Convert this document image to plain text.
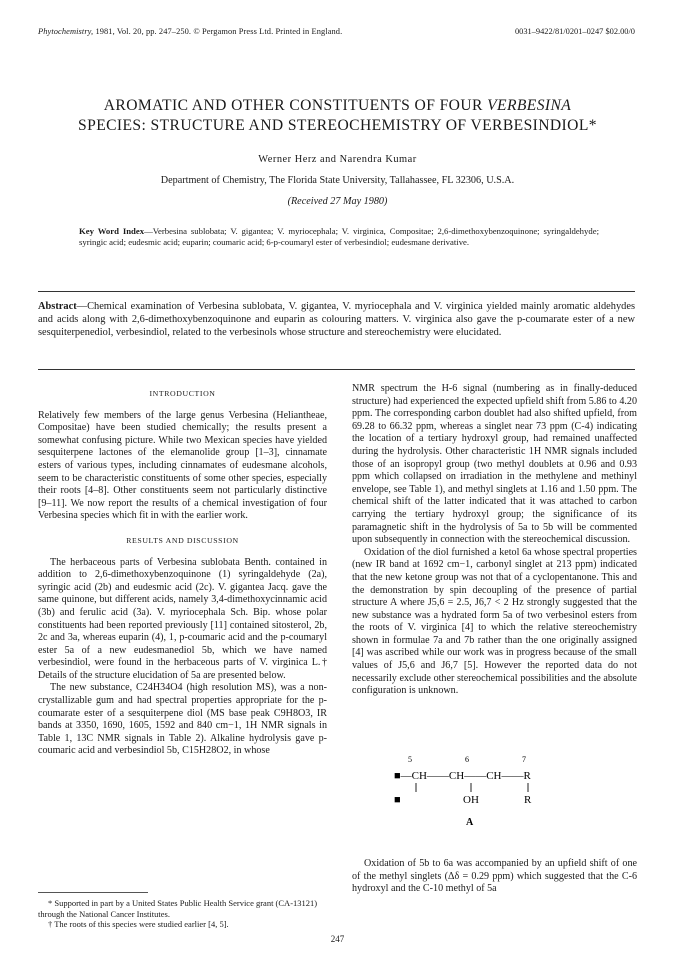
Phytochemistry, 1981, Vol. 20, pp. 247–250. © Pergamon Press Ltd. Printed in England.	0031–9422/81/0201–0247 $02.00/0
AROMATIC AND OTHER CONSTITUENTS OF FOUR VERBESINA
SPECIES: STRUCTURE AND STEREOCHEMISTRY OF VERBESINDIOL*
Werner Herz and Narendra Kumar
Department of Chemistry, The Florida State University, Tallahassee, FL 32306, U.S.A.
(Received 27 May 1980)
Key Word Index—Verbesina sublobata; V. gigantea; V. myriocephala; V. virginica, Compositae; 2,6-dimethoxybenzoquinone; syringaldehyde; syringic acid; eudesmic acid; euparin; coumaric acid; 6-p-coumaryl ester of verbesindiol; eudesmane derivative.
Abstract—Chemical examination of Verbesina sublobata, V. gigantea, V. myriocephala and V. virginica yielded mainly aromatic aldehydes and acids along with 2,6-dimethoxybenzoquinone and euparin as colouring matters. V. virginica also gave the p-coumarate ester of a new sesquiterpenediol, verbesindiol, related to the verbesinols whose structure and stereochemistry were elucidated.
INTRODUCTION

Relatively few members of the large genus Verbesina (Heliantheae, Compositae) have been studied chemically; the results present a somewhat confusing picture. While two Mexican species have yielded sesquiterpene lactones of the elemanolide group [1–3], cinnamate esters of various types, including cinnamates of eudesmane alcohols, seem to be characteristic constituents of some other species, especially their roots [4–8]. Other constituents seem not particularly distinctive [9–11]. We now report the results of a chemical investigation of four Verbesina species which fit in with the earlier work.

RESULTS AND DISCUSSION

The herbaceous parts of Verbesina sublobata Benth. contained in addition to 2,6-dimethoxybenzoquinone (1) syringaldehyde (2a), syringic acid (2b) and eudesmic acid (2c). V. gigantea Jacq. gave the same quinone, but different acids, namely 3,4-dimethoxycinnamic acid (3b) and ferulic acid (3a). V. myriocephala Sch. Bip. whose polar constituents had been reported previously [11] contained sitosterol, 2b, 2c and 3a, whereas euparin (4), 1, p-coumaric acid and the p-coumaryl ester 5a of a new eudesmanediol 5b, which we have named verbesindiol, were found in the herbaceous parts of V. virginica L.† Details of the structure elucidation of 5a are presented below.

The new substance, C24H34O4 (high resolution MS), was a non-crystallizable gum and had spectral properties appropriate for the p-coumarate ester of a sesquiterpene diol (MS base peak C9H8O3, IR bands at 3350, 1690, 1605, 1592 and 840 cm−1, 1H NMR signals in Table 1, 13C NMR signals in Table 2). Alkaline hydrolysis gave p-coumaric acid and verbesindiol 5b, C15H28O2, in whose

NMR spectrum the H-6 signal (numbering as in finally-deduced structure) had experienced the expected upfield shift from 5.86 to 4.20 ppm. The corresponding carbon doublet had also shifted upfield, from 69.28 to 66.32 ppm, whereas a singlet near 73 ppm (C-4) indicating the location of a tertiary hydroxyl group, had remained unaffected during the hydrolysis. Other characteristic 1H NMR signals included those of an isopropyl group (two methyl doublets at 0.96 and 0.93 ppm which collapsed on irradiation in the methylene and methinyl envelope, see Table 1), and methyl singlets at 1.16 and 1.50 ppm. The chemical shift of the latter indicated that it was attached to carbon carrying the tertiary hydroxyl group; the significance of its paramagnetic shift in the hydrolysis of 5a to 5b will be commented upon subsequently in connection with the stereochemical discussion.

Oxidation of the diol furnished a ketol 6a whose spectral properties (new IR band at 1692 cm−1, carbonyl singlet at 213 ppm) indicated that the new ketone group was not that of a cyclopentanone. This and the demonstration by spin decoupling of the presence of partial structure A where J5,6 = 2.5, J6,7 < 2 Hz strongly suggested that the new substance was a hydrated form 5a of two verbesinol esters from the roots of V. virginica [4] to which the relative stereochemistry shown in formulae 7a and 7b rather than the one originally assigned [4] was ascribed while our work was in progress because of the small values of J5,6 and J6,7 [5]. However the reported data do not necessarily exclude other stereochemical possibilities and the absolute configuration is unknown.

5	6	7
■—CH——CH——CH——R
■	OH	R
A

Oxidation of 5b to 6a was accompanied by an upfield shift of one of the methyl singlets (Δδ = 0.29 ppm) which suggested that the C-6 hydroxyl and the C-10 methyl of 5a

* Supported in part by a United States Public Health Service grant (CA-13121) through the National Cancer Institutes.
† The roots of this species were studied earlier [4, 5].
247
